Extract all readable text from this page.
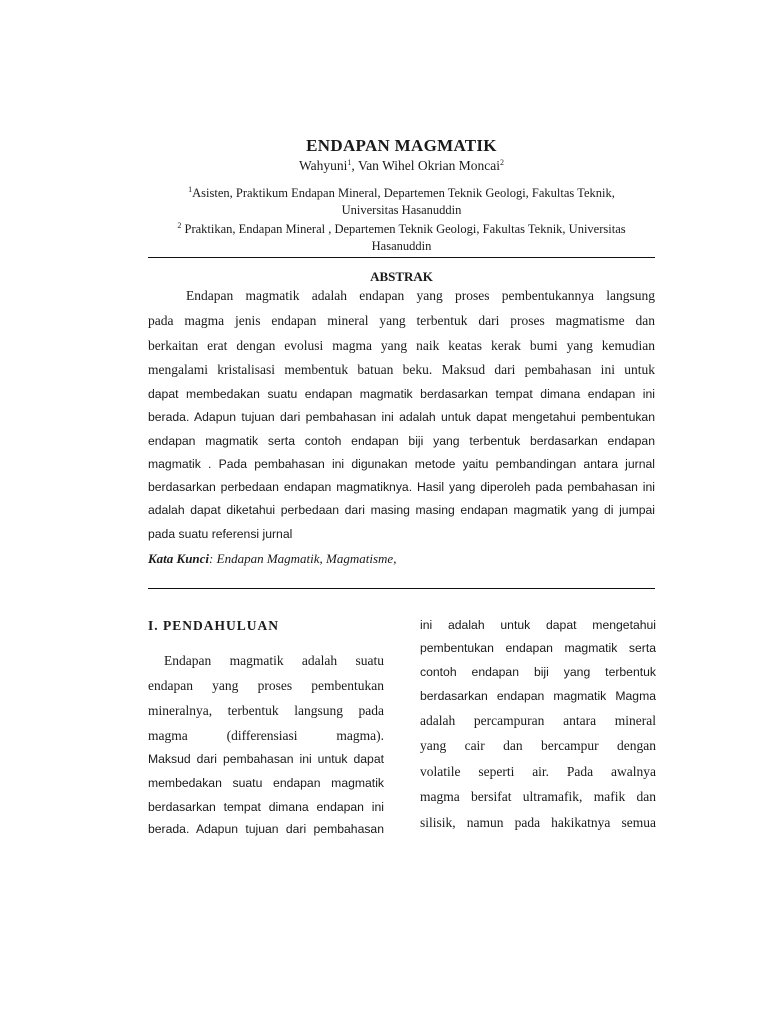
ENDAPAN MAGMATIK
Wahyuni$^1$, Van Wihel Okrian Moncai$^2$
$^1$Asisten, Praktikum Endapan Mineral, Departemen Teknik Geologi, Fakultas Teknik,
Universitas Hasanuddin
$^2$ Praktikan, Endapan Mineral , Departemen Teknik Geologi, Fakultas Teknik, Universitas
Hasanuddin
ABSTRAK
Endapan magmatik adalah endapan yang proses pembentukannya langsung
pada magma jenis endapan mineral yang terbentuk dari proses magmatisme dan
berkaitan erat dengan evolusi magma yang naik keatas kerak bumi yang kemudian
mengalami kristalisasi membentuk batuan beku. Maksud dari pembahasan ini untuk
dapat membedakan suatu endapan magmatik berdasarkan tempat dimana endapan ini
berada. Adapun tujuan dari pembahasan ini adalah untuk dapat mengetahui pembentukan
endapan magmatik serta contoh endapan biji yang terbentuk berdasarkan endapan
magmatik . Pada pembahasan ini digunakan metode yaitu pembandingan antara jurnal
berdasarkan perbedaan endapan magmatiknya. Hasil yang diperoleh pada pembahasan ini
adalah dapat diketahui perbedaan dari masing masing endapan magmatik yang di jumpai
pada suatu referensi jurnal
Kata Kunci: Endapan Magmatik, Magmatisme,
I. PENDAHULUAN
Endapan magmatik adalah suatu
endapan yang proses pembentukan
mineralnya, terbentuk langsung pada
magma (differensiasi magma).
Maksud dari pembahasan ini untuk dapat
membedakan suatu endapan magmatik
berdasarkan tempat dimana endapan ini
berada. Adapun tujuan dari pembahasan
ini adalah untuk dapat mengetahui
pembentukan endapan magmatik serta
contoh endapan biji yang terbentuk
berdasarkan endapan magmatik Magma
adalah percampuran antara mineral
yang cair dan bercampur dengan
volatile seperti air. Pada awalnya
magma bersifat ultramafik, mafik dan
silisik, namun pada hakikatnya semua
